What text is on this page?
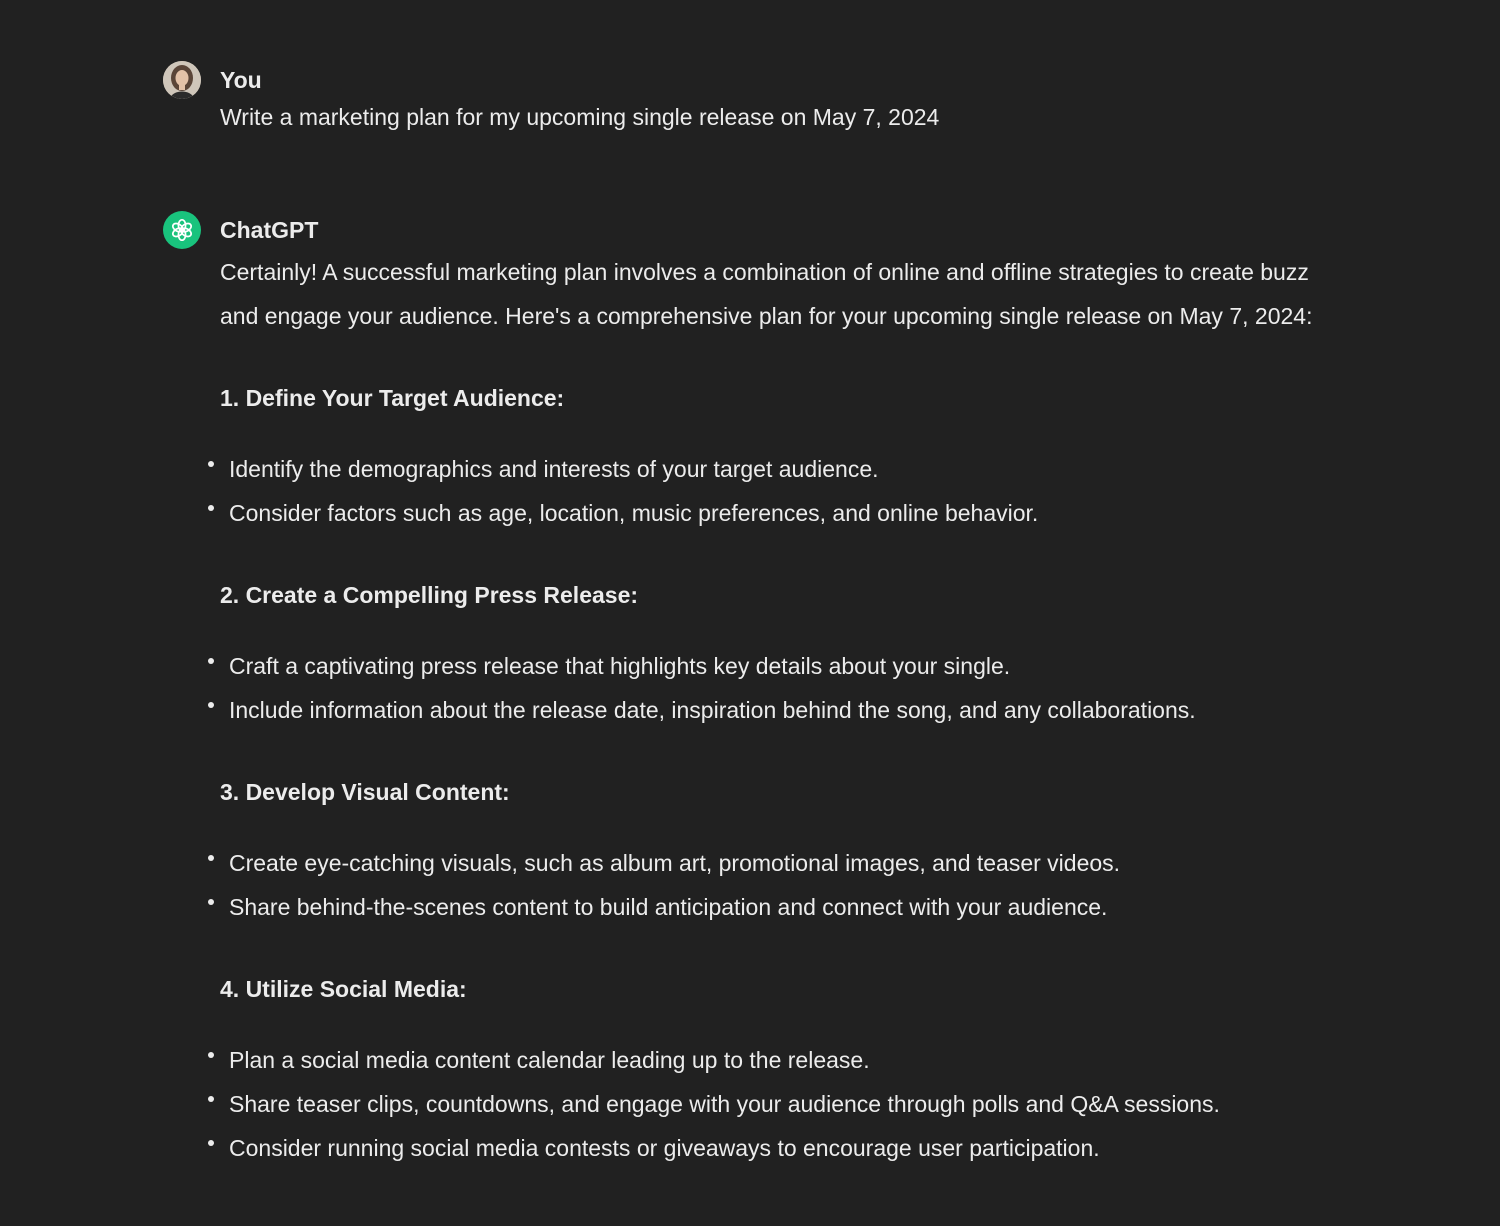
You
Write a marketing plan for my upcoming single release on May 7, 2024
ChatGPT
Certainly! A successful marketing plan involves a combination of online and offline strategies to create buzz and engage your audience. Here's a comprehensive plan for your upcoming single release on May 7, 2024:
1. Define Your Target Audience:
Identify the demographics and interests of your target audience.
Consider factors such as age, location, music preferences, and online behavior.
2. Create a Compelling Press Release:
Craft a captivating press release that highlights key details about your single.
Include information about the release date, inspiration behind the song, and any collaborations.
3. Develop Visual Content:
Create eye-catching visuals, such as album art, promotional images, and teaser videos.
Share behind-the-scenes content to build anticipation and connect with your audience.
4. Utilize Social Media:
Plan a social media content calendar leading up to the release.
Share teaser clips, countdowns, and engage with your audience through polls and Q&A sessions.
Consider running social media contests or giveaways to encourage user participation.
